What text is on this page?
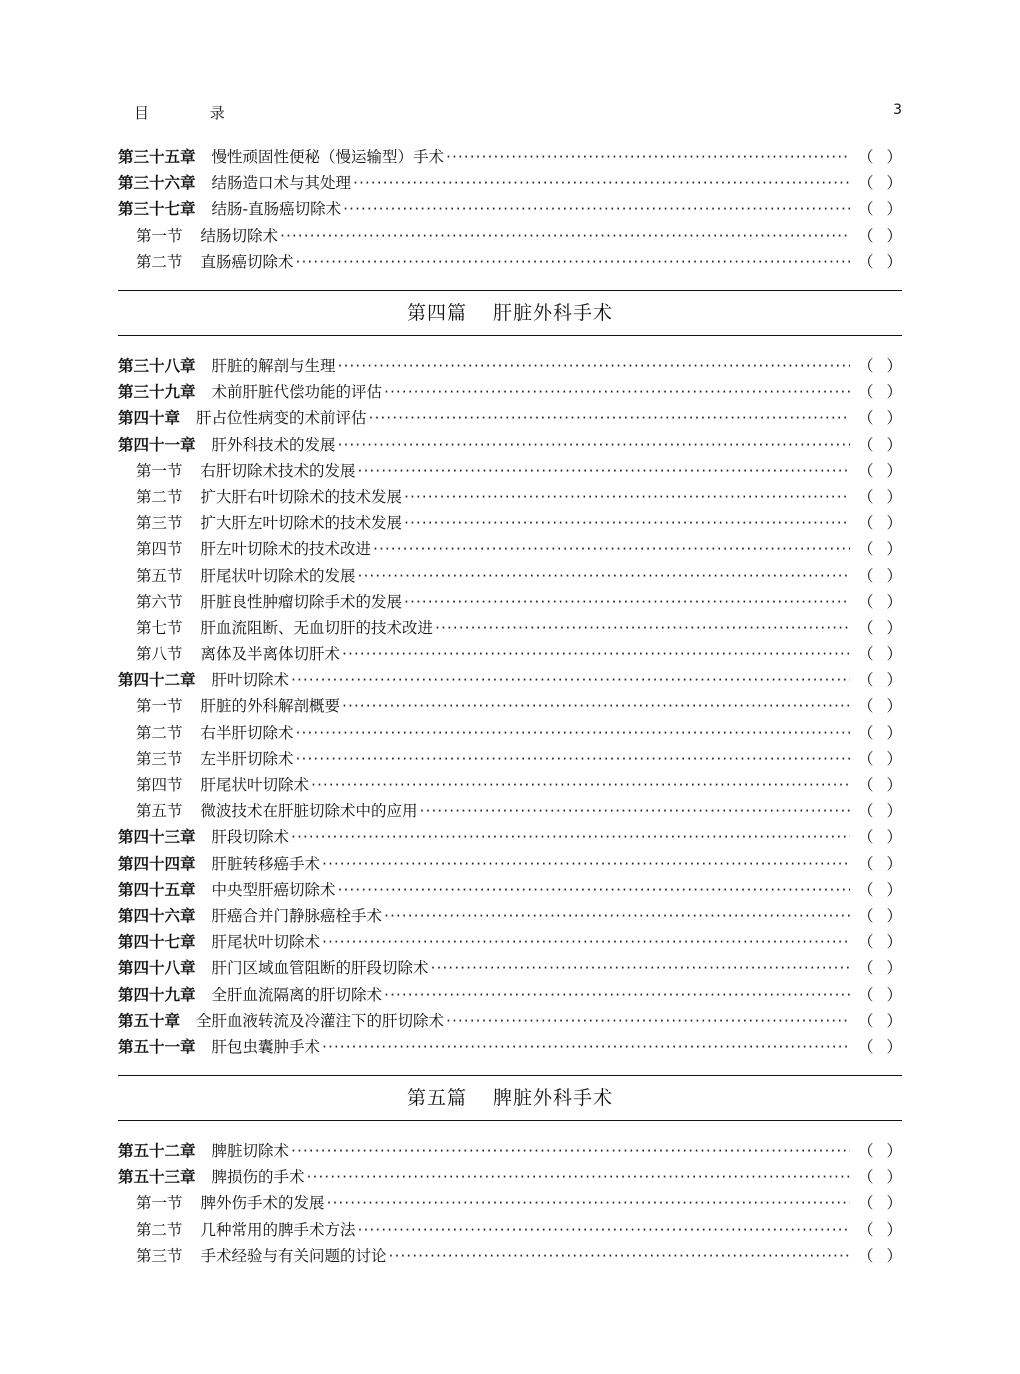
目 录	3
第三十五章 慢性顽固性便秘（慢运输型）手术 ·····	（ ）
第三十六章 结肠造口术与其处理 ·····	（ ）
第三十七章 结肠-直肠癌切除术 ·····	（ ）
第一节 结肠切除术 ·····	（ ）
第二节 直肠癌切除术 ·····	（ ）
第四篇 肝脏外科手术
第三十八章 肝脏的解剖与生理 ·····	（ ）
第三十九章 术前肝脏代偿功能的评估 ·····	（ ）
第四十章 肝占位性病变的术前评估 ·····	（ ）
第四十一章 肝外科技术的发展 ·····	（ ）
第一节 右肝切除术技术的发展 ·····	（ ）
第二节 扩大肝右叶切除术的技术发展 ·····	（ ）
第三节 扩大肝左叶切除术的技术发展 ·····	（ ）
第四节 肝左叶切除术的技术改进 ·····	（ ）
第五节 肝尾状叶切除术的发展 ·····	（ ）
第六节 肝脏良性肿瘤切除手术的发展 ·····	（ ）
第七节 肝血流阻断、无血切肝的技术改进 ·····	（ ）
第八节 离体及半离体切肝术 ·····	（ ）
第四十二章 肝叶切除术 ·····	（ ）
第一节 肝脏的外科解剖概要 ·····	（ ）
第二节 右半肝切除术 ·····	（ ）
第三节 左半肝切除术 ·····	（ ）
第四节 肝尾状叶切除术 ·····	（ ）
第五节 微波技术在肝脏切除术中的应用 ·····	（ ）
第四十三章 肝段切除术 ·····	（ ）
第四十四章 肝脏转移癌手术 ·····	（ ）
第四十五章 中央型肝癌切除术 ·····	（ ）
第四十六章 肝癌合并门静脉癌栓手术 ·····	（ ）
第四十七章 肝尾状叶切除术 ·····	（ ）
第四十八章 肝门区域血管阻断的肝段切除术 ·····	（ ）
第四十九章 全肝血流隔离的肝切除术 ·····	（ ）
第五十章 全肝血液转流及冷灌注下的肝切除术 ·····	（ ）
第五十一章 肝包虫囊肿手术 ·····	（ ）
第五篇 脾脏外科手术
第五十二章 脾脏切除术 ·····	（ ）
第五十三章 脾损伤的手术 ·····	（ ）
第一节 脾外伤手术的发展 ·····	（ ）
第二节 几种常用的脾手术方法 ·····	（ ）
第三节 手术经验与有关问题的讨论 ·····	（ ）
